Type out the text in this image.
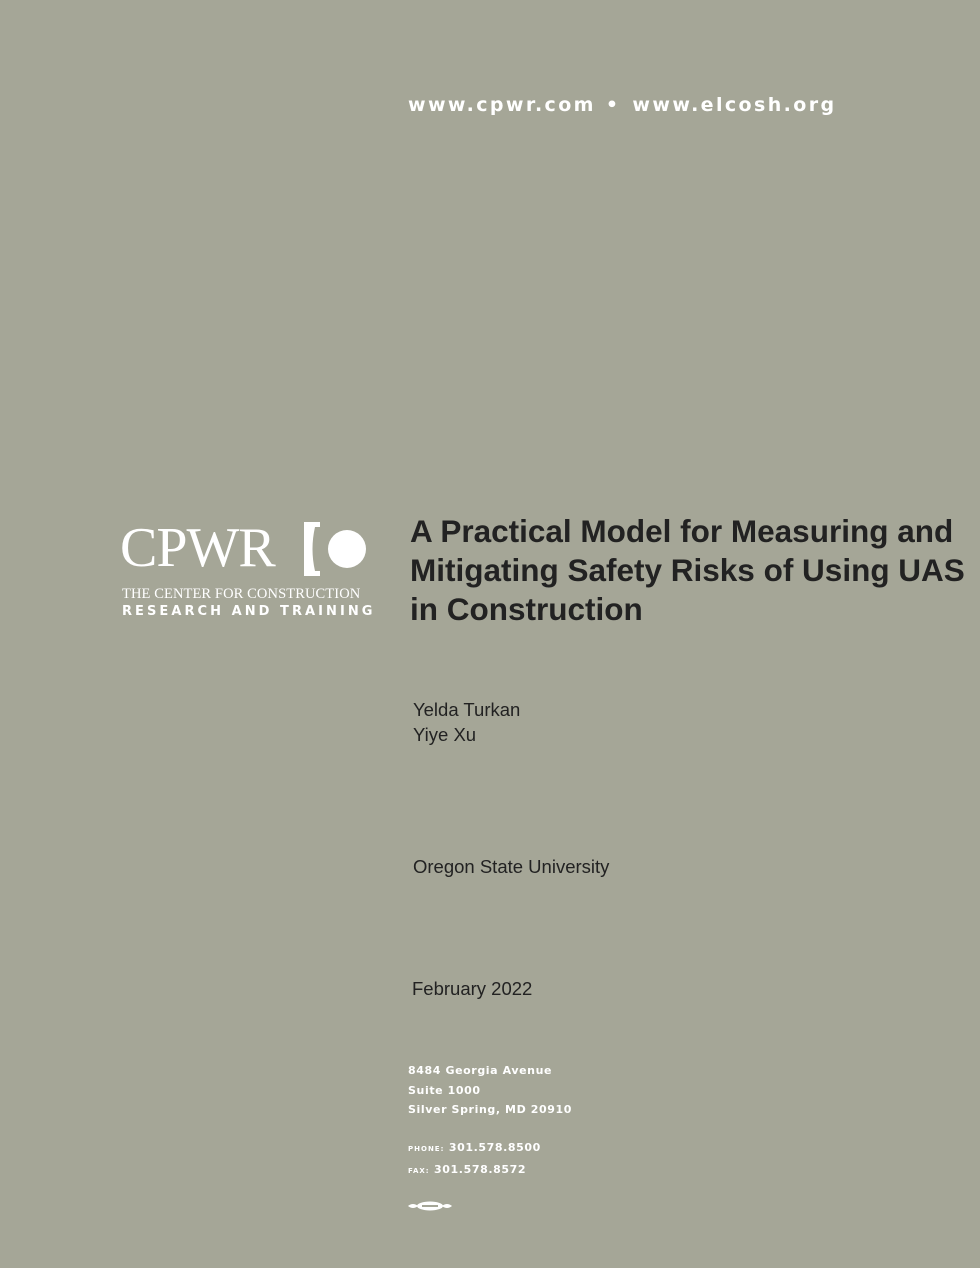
www.cpwr.com • www.elcosh.org
CPWR
THE CENTER FOR CONSTRUCTION
RESEARCH AND TRAINING
A Practical Model for Measuring and Mitigating Safety Risks of Using UAS in Construction
Yelda Turkan
Yiye Xu
Oregon State University
February 2022
8484 Georgia Avenue
Suite 1000
Silver Spring, MD 20910
PHONE: 301.578.8500
FAX: 301.578.8572
